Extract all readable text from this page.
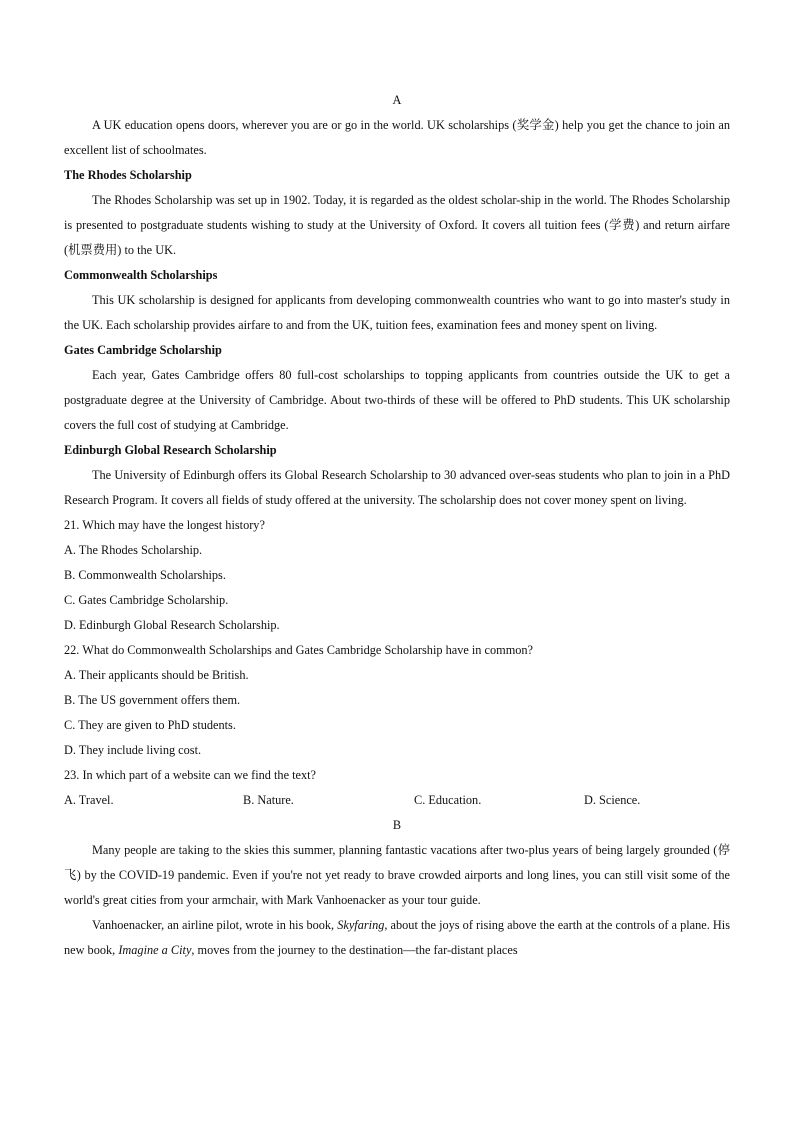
A

A UK education opens doors, wherever you are or go in the world. UK scholarships (奖学金) help you get the chance to join an excellent list of schoolmates.

The Rhodes Scholarship

The Rhodes Scholarship was set up in 1902. Today, it is regarded as the oldest scholar-ship in the world. The Rhodes Scholarship is presented to postgraduate students wishing to study at the University of Oxford. It covers all tuition fees (学费) and return airfare (机票费用) to the UK.

Commonwealth Scholarships

This UK scholarship is designed for applicants from developing commonwealth countries who want to go into master's study in the UK. Each scholarship provides airfare to and from the UK, tuition fees, examination fees and money spent on living.

Gates Cambridge Scholarship

Each year, Gates Cambridge offers 80 full-cost scholarships to topping applicants from countries outside the UK to get a postgraduate degree at the University of Cambridge. About two-thirds of these will be offered to PhD students. This UK scholarship covers the full cost of studying at Cambridge.

Edinburgh Global Research Scholarship

The University of Edinburgh offers its Global Research Scholarship to 30 advanced over-seas students who plan to join in a PhD Research Program. It covers all fields of study offered at the university. The scholarship does not cover money spent on living.

21. Which may have the longest history?

A. The Rhodes Scholarship.

B. Commonwealth Scholarships.

C. Gates Cambridge Scholarship.

D. Edinburgh Global Research Scholarship.

22. What do Commonwealth Scholarships and Gates Cambridge Scholarship have in common?

A. Their applicants should be British.

B. The US government offers them.

C. They are given to PhD students.

D. They include living cost.

23. In which part of a website can we find the text?

A. Travel.	B. Nature.	C. Education.	D. Science.

B

Many people are taking to the skies this summer, planning fantastic vacations after two-plus years of being largely grounded (停飞) by the COVID-19 pandemic. Even if you're not yet ready to brave crowded airports and long lines, you can still visit some of the world's great cities from your armchair, with Mark Vanhoenacker as your tour guide.

Vanhoenacker, an airline pilot, wrote in his book, Skyfaring, about the joys of rising above the earth at the controls of a plane. His new book, Imagine a City, moves from the journey to the destination—the far-distant places
